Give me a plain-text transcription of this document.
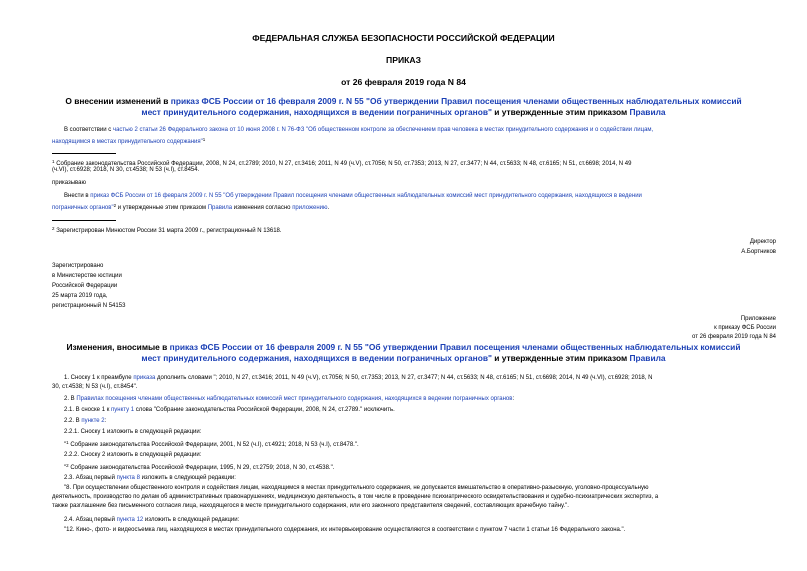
ФЕДЕРАЛЬНАЯ СЛУЖБА БЕЗОПАСНОСТИ РОССИЙСКОЙ ФЕДЕРАЦИИ
ПРИКАЗ
от 26 февраля 2019 года N 84
О внесении изменений в приказ ФСБ России от 16 февраля 2009 г. N 55 "Об утверждении Правил посещения членами общественных наблюдательных комиссий
мест принудительного содержания, находящихся в ведении пограничных органов" и утвержденные этим приказом Правила
В соответствии с частью 2 статьи 26 Федерального закона от 10 июня 2008 г. N 76-ФЗ "Об общественном контроле за обеспечением прав человека в местах принудительного содержания и о содействии лицам,
находящимся в местах принудительного содержания"$^1$
$^1$ Собрание законодательства Российской Федерации, 2008, N 24, ст.2789; 2010, N 27, ст.3416; 2011, N 49 (ч.V), ст.7056; N 50, ст.7353; 2013, N 27, ст.3477; N 44, ст.5633; N 48, ст.6165; N 51, ст.6698; 2014, N 49
(ч.VI), ст.6928; 2018, N 30, ст.4538; N 53 (ч.I), ст.8454.
приказываю
Внести в приказ ФСБ России от 16 февраля 2009 г. N 55 "Об утверждении Правил посещения членами общественных наблюдательных комиссий мест принудительного содержания, находящихся в ведении
пограничных органов"$^2$ и утвержденные этим приказом Правила изменения согласно приложению.
$^2$ Зарегистрирован Минюстом России 31 марта 2009 г., регистрационный N 13618.
Директор
А.Бортников
Зарегистрировано
в Министерстве юстиции
Российской Федерации
25 марта 2019 года,
регистрационный N 54153
Приложение
к приказу ФСБ России
от 26 февраля 2019 года N 84
Изменения, вносимые в приказ ФСБ России от 16 февраля 2009 г. N 55 "Об утверждении Правил посещения членами общественных наблюдательных комиссий
мест принудительного содержания, находящихся в ведении пограничных органов" и утвержденные этим приказом Правила
1. Сноску 1 к преамбуле приказа дополнить словами "; 2010, N 27, ст.3416; 2011, N 49 (ч.V), ст.7056; N 50, ст.7353; 2013, N 27, ст.3477; N 44, ст.5633; N 48, ст.6165; N 51, ст.6698; 2014, N 49 (ч.VI), ст.6928; 2018, N
30, ст.4538; N 53 (ч.I), ст.8454".
2. В Правилах посещения членами общественных наблюдательных комиссий мест принудительного содержания, находящихся в ведении пограничных органов:
2.1. В сноске 1 к пункту 1 слова "Собрание законодательства Российской Федерации, 2008, N 24, ст.2789." исключить.
2.2. В пункте 2:
2.2.1. Сноску 1 изложить в следующей редакции:
"$^1$ Собрание законодательства Российской Федерации, 2001, N 52 (ч.I), ст.4921; 2018, N 53 (ч.I), ст.8478.".
2.2.2. Сноску 2 изложить в следующей редакции:
"$^2$ Собрание законодательства Российской Федерации, 1995, N 29, ст.2759; 2018, N 30, ст.4538.".
2.3. Абзац первый пункта 8 изложить в следующей редакции:
"8. При осуществлении общественного контроля и содействия лицам, находящимся в местах принудительного содержания, не допускается вмешательство в оперативно-разыскную, уголовно-процессуальную
деятельность, производство по делам об административных правонарушениях, медицинскую деятельность, в том числе в проведение психиатрического освидетельствования и судебно-психиатрических экспертиз, а
также разглашение без письменного согласия лица, находящегося в месте принудительного содержания, или его законного представителя сведений, составляющих врачебную тайну.".
2.4. Абзац первый пункта 12 изложить в следующей редакции:
"12. Кино-, фото- и видеосъемка лиц, находящихся в местах принудительного содержания, их интервьюирование осуществляются в соответствии с пунктом 7 части 1 статьи 16 Федерального закона.".
